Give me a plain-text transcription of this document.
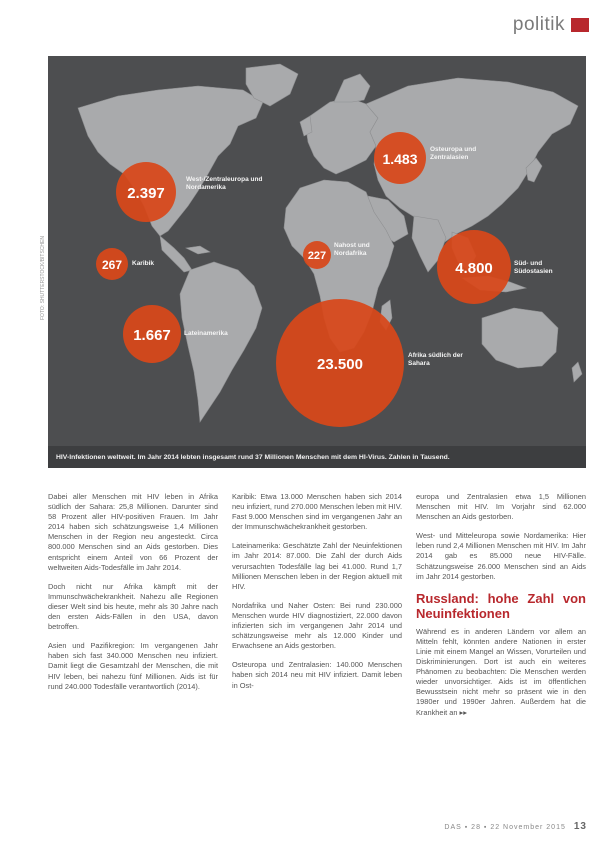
politik
2.397
1.483
267
227
4.800
1.667
23.500
West-/Zentraleuropa und Nordamerika
Osteuropa und Zentralasien
Karibik
Nahost und Nordafrika
Süd- und Südostasien
Lateinamerika
Afrika südlich der Sahara
FOTO: SHUTTERSTOCK/BITSCHEN
HIV-Infektionen weltweit. Im Jahr 2014 lebten insgesamt rund 37 Millionen Menschen mit dem HI-Virus. Zahlen in Tausend.

Dabei aller Menschen mit HIV leben in Afrika südlich der Sahara: 25,8 Millionen. Darunter sind 58 Prozent aller HIV-positiven Frauen. Im Jahr 2014 haben sich schätzungsweise 1,4 Millionen Menschen in der Region neu angesteckt. Circa 800.000 Menschen sind an Aids gestorben. Dies entspricht einem Anteil von 66 Prozent der weltweiten Aids-Todesfälle im Jahr 2014.

Doch nicht nur Afrika kämpft mit der Immunschwächekrankheit. Nahezu alle Regionen dieser Welt sind bis heute, mehr als 30 Jahre nach den ersten Aids-Fällen in den USA, davon betroffen.

Asien und Pazifikregion: Im vergangenen Jahr haben sich fast 340.000 Menschen neu infiziert. Damit liegt die Gesamtzahl der Menschen, die mit HIV leben, bei nahezu fünf Millionen. Aids ist für rund 240.000 Todesfälle verantwortlich (2014).

Karibik: Etwa 13.000 Menschen haben sich 2014 neu infiziert, rund 270.000 Menschen leben mit HIV. Fast 9.000 Menschen sind im vergangenen Jahr an der Immunschwächekrankheit gestorben.

Lateinamerika: Geschätzte Zahl der Neuinfektionen im Jahr 2014: 87.000. Die Zahl der durch Aids verursachten Todesfälle lag bei 41.000. Rund 1,7 Millionen Menschen leben in der Region aktuell mit HIV.

Nordafrika und Naher Osten: Bei rund 230.000 Menschen wurde HIV diagnostiziert, 22.000 davon infizierten sich im vergangenen Jahr 2014 und schätzungsweise mehr als 12.000 Kinder und Erwachsene an Aids gestorben.

Osteuropa und Zentralasien: 140.000 Menschen haben sich 2014 neu mit HIV infiziert. Damit leben in Ost-

europa und Zentralasien etwa 1,5 Millionen Menschen mit HIV. Im Vorjahr sind 62.000 Menschen an Aids gestorben.

West- und Mitteleuropa sowie Nordamerika: Hier leben rund 2,4 Millionen Menschen mit HIV. Im Jahr 2014 gab es 85.000 neue HIV-Fälle. Schätzungsweise 26.000 Menschen sind an Aids im Jahr 2014 gestorben.

Russland: hohe Zahl von Neuinfektionen

Während es in anderen Ländern vor allem an Mitteln fehlt, könnten andere Nationen in erster Linie mit einem Mangel an Wissen, Vorurteilen und Diskriminierungen. Dort ist auch ein weiteres Phänomen zu beobachten: Die Menschen werden wieder unvorsichtiger. Aids ist im öffentlichen Bewusstsein nicht mehr so präsent wie in den 1980er und 1990er Jahren. Außerdem hat die Krankheit an ▸▸

DAS ▪ 28 ▪ 22 November 2015 13
